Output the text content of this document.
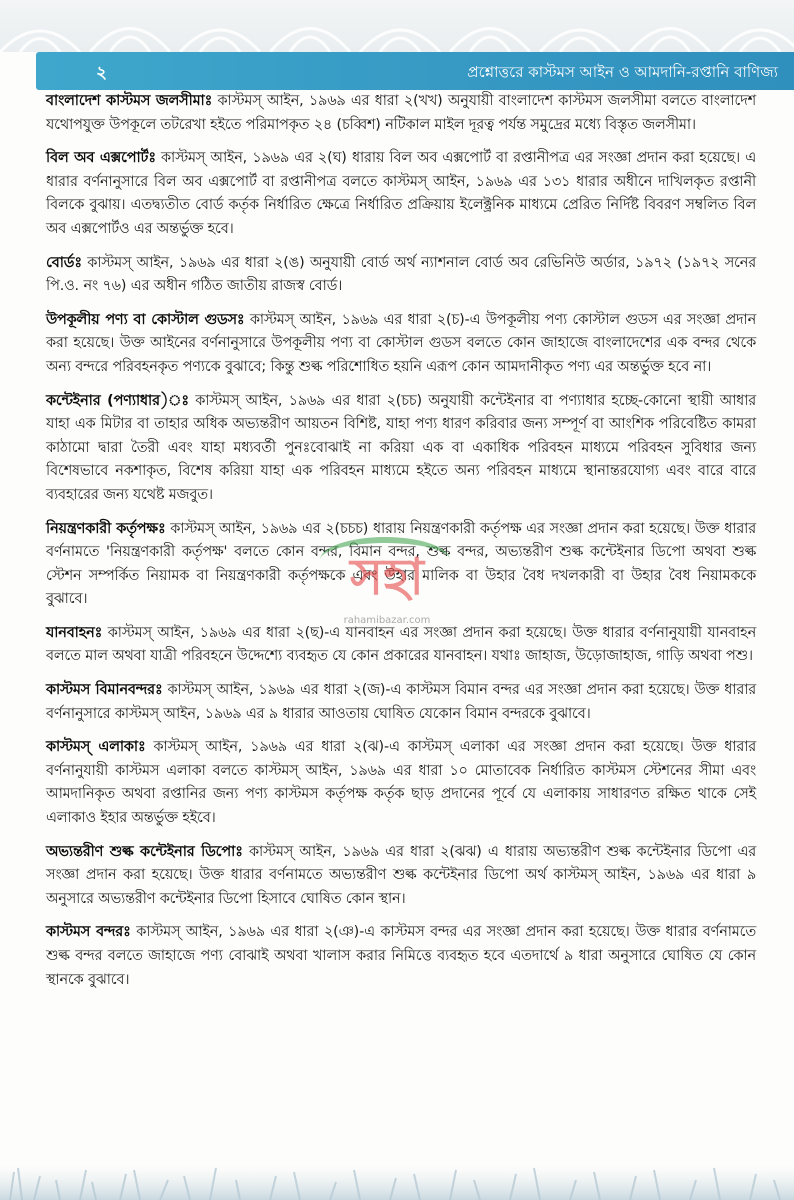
২	প্রশ্নোত্তরে কাস্টমস আইন ও আমদানি-রপ্তানি বাণিজ্য

বাংলাদেশ কাস্টমস জলসীমাঃ কাস্টমস্ আইন, ১৯৬৯ এর ধারা ২(খখ) অনুযায়ী বাংলাদেশ কাস্টমস জলসীমা বলতে বাংলাদেশ যথোপযুক্ত উপকূলে তটরেখা হইতে পরিমাপকৃত ২৪ (চব্বিশ) নটিকাল মাইল দূরত্ব পর্যন্ত সমুদ্রের মধ্যে বিস্তৃত জলসীমা।

বিল অব এক্সপোর্টঃ কাস্টমস্ আইন, ১৯৬৯ এর ২(ঘ) ধারায় বিল অব এক্সপোর্ট বা রপ্তানীপত্র এর সংজ্ঞা প্রদান করা হয়েছে। এ ধারার বর্ণনানুসারে বিল অব এক্সপোর্ট বা রপ্তানীপত্র বলতে কাস্টমস্ আইন, ১৯৬৯ এর ১৩১ ধারার অধীনে দাখিলকৃত রপ্তানী বিলকে বুঝায়। এতদ্ব্যতীত বোর্ড কর্তৃক নির্ধারিত ক্ষেত্রে নির্ধারিত প্রক্রিয়ায় ইলেক্ট্রনিক মাধ্যমে প্রেরিত নির্দিষ্ট বিবরণ সম্বলিত বিল অব এক্সপোর্টও এর অন্তর্ভুক্ত হবে।

বোর্ডঃ কাস্টমস্ আইন, ১৯৬৯ এর ধারা ২(ঙ) অনুযায়ী বোর্ড অর্থ ন্যাশনাল বোর্ড অব রেভিনিউ অর্ডার, ১৯৭২ (১৯৭২ সনের পি.ও. নং ৭৬) এর অধীন গঠিত জাতীয় রাজস্ব বোর্ড।

উপকূলীয় পণ্য বা কোস্টাল গুডসঃ কাস্টমস্ আইন, ১৯৬৯ এর ধারা ২(চ)-এ উপকূলীয় পণ্য কোস্টাল গুডস এর সংজ্ঞা প্রদান করা হয়েছে। উক্ত আইনের বর্ণনানুসারে উপকূলীয় পণ্য বা কোস্টাল গুডস বলতে কোন জাহাজে বাংলাদেশের এক বন্দর থেকে অন্য বন্দরে পরিবহনকৃত পণ্যকে বুঝাবে; কিন্তু শুল্ক পরিশোধিত হয়নি এরূপ কোন আমদানীকৃত পণ্য এর অন্তর্ভুক্ত হবে না।

কন্টেইনার (পণ্যাধার)ঃ কাস্টমস্ আইন, ১৯৬৯ এর ধারা ২(চচ) অনুযায়ী কন্টেইনার বা পণ্যাধার হচ্ছে-কোনো স্থায়ী আধার যাহা এক মিটার বা তাহার অধিক অভ্যন্তরীণ আয়তন বিশিষ্ট, যাহা পণ্য ধারণ করিবার জন্য সম্পূর্ণ বা আংশিক পরিবেষ্টিত কামরা কাঠামো দ্বারা তৈরী এবং যাহা মধ্যবর্তী পুনঃবোঝাই না করিয়া এক বা একাধিক পরিবহন মাধ্যমে পরিবহন সুবিধার জন্য বিশেষভাবে নকশাকৃত, বিশেষ করিয়া যাহা এক পরিবহন মাধ্যমে হইতে অন্য পরিবহন মাধ্যমে স্থানান্তরযোগ্য এবং বারে বারে ব্যবহারের জন্য যথেষ্ট মজবুত।

নিয়ন্ত্রণকারী কর্তৃপক্ষঃ কাস্টমস্ আইন, ১৯৬৯ এর ২(চচচ) ধারায় নিয়ন্ত্রণকারী কর্তৃপক্ষ এর সংজ্ঞা প্রদান করা হয়েছে। উক্ত ধারার বর্ণনামতে 'নিয়ন্ত্রণকারী কর্তৃপক্ষ' বলতে কোন বন্দর, বিমান বন্দর, শুল্ক বন্দর, অভ্যন্তরীণ শুল্ক কন্টেইনার ডিপো অথবা শুল্ক স্টেশন সম্পর্কিত নিয়ামক বা নিয়ন্ত্রণকারী কর্তৃপক্ষকে এবং উহার মালিক বা উহার বৈধ দখলকারী বা উহার বৈধ নিয়ামককে বুঝাবে।

যানবাহনঃ কাস্টমস্ আইন, ১৯৬৯ এর ধারা ২(ছ)-এ যানবাহন এর সংজ্ঞা প্রদান করা হয়েছে। উক্ত ধারার বর্ণনানুযায়ী যানবাহন বলতে মাল অথবা যাত্রী পরিবহনে উদ্দেশ্যে ব্যবহৃত যে কোন প্রকারের যানবাহন। যথাঃ জাহাজ, উড়োজাহাজ, গাড়ি অথবা পশু।

কাস্টমস বিমানবন্দরঃ কাস্টমস্ আইন, ১৯৬৯ এর ধারা ২(জ)-এ কাস্টমস বিমান বন্দর এর সংজ্ঞা প্রদান করা হয়েছে। উক্ত ধারার বর্ণনানুসারে কাস্টমস্ আইন, ১৯৬৯ এর ৯ ধারার আওতায় ঘোষিত যেকোন বিমান বন্দরকে বুঝাবে।

কাস্টমস্ এলাকাঃ কাস্টমস্ আইন, ১৯৬৯ এর ধারা ২(ঝ)-এ কাস্টমস্ এলাকা এর সংজ্ঞা প্রদান করা হয়েছে। উক্ত ধারার বর্ণনানুযায়ী কাস্টমস এলাকা বলতে কাস্টমস্ আইন, ১৯৬৯ এর ধারা ১০ মোতাবেক নির্ধারিত কাস্টমস স্টেশনের সীমা এবং আমদানিকৃত অথবা রপ্তানির জন্য পণ্য কাস্টমস কর্তৃপক্ষ কর্তৃক ছাড় প্রদানের পূর্বে যে এলাকায় সাধারণত রক্ষিত থাকে সেই এলাকাও ইহার অন্তর্ভুক্ত হইবে।

অভ্যন্তরীণ শুল্ক কন্টেইনার ডিপোঃ কাস্টমস্ আইন, ১৯৬৯ এর ধারা ২(ঝঝ) এ ধারায় অভ্যন্তরীণ শুল্ক কন্টেইনার ডিপো এর সংজ্ঞা প্রদান করা হয়েছে। উক্ত ধারার বর্ণনামতে অভ্যন্তরীণ শুল্ক কন্টেইনার ডিপো অর্থ কাস্টমস্ আইন, ১৯৬৯ এর ধারা ৯ অনুসারে অভ্যন্তরীণ কন্টেইনার ডিপো হিসাবে ঘোষিত কোন স্থান।

কাস্টমস বন্দরঃ কাস্টমস্ আইন, ১৯৬৯ এর ধারা ২(ঞ)-এ কাস্টমস বন্দর এর সংজ্ঞা প্রদান করা হয়েছে। উক্ত ধারার বর্ণনামতে শুল্ক বন্দর বলতে জাহাজে পণ্য বোঝাই অথবা খালাস করার নিমিত্তে ব্যবহৃত হবে এতদার্থে ৯ ধারা অনুসারে ঘোষিত যে কোন স্থানকে বুঝাবে।

সহা
rahamibazar.com
